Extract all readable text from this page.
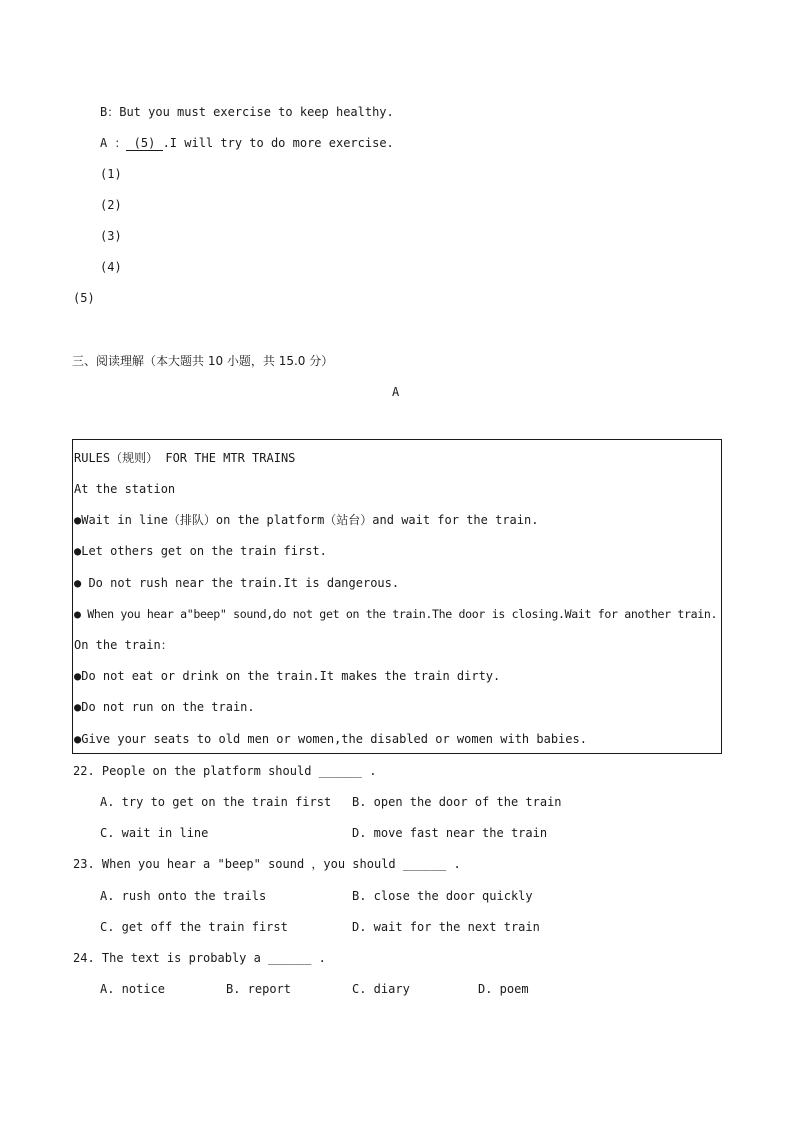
B：But you must exercise to keep healthy.
A ： (5) .I will try to do more exercise.
(1)
(2)
(3)
(4)
(5)
三、阅读理解（本大题共 10 小题，共 15.0 分）
A
RULES（规则） FOR THE MTR TRAINS
At the station
●Wait in line（排队）on the platform（站台）and wait for the train.
●Let others get on the train first.
● Do not rush near the train.It is dangerous.
● When you hear a"beep" sound,do not get on the train.The door is closing.Wait for another train.
On the train：
●Do not eat or drink on the train.It makes the train dirty.
●Do not run on the train.
●Give your seats to old men or women,the disabled or women with babies.
22. People on the platform should ______ .
A. try to get on the train first B. open the door of the train
C. wait in line	D. move fast near the train
23. When you hear a "beep" sound ，you should ______ .
A. rush onto the trails	B. close the door quickly
C. get off the train first	D. wait for the next train
24. The text is probably a ______ .
A. notice	B. report	C. diary	D. poem
